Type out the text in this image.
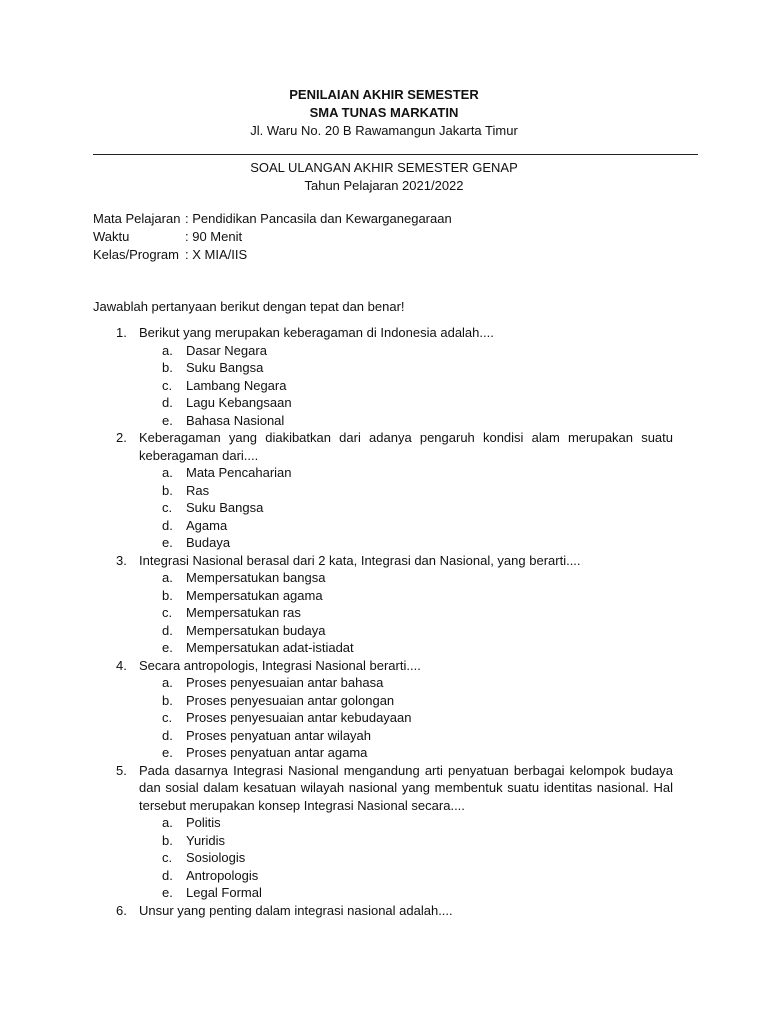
PENILAIAN AKHIR SEMESTER
SMA TUNAS MARKATIN
Jl. Waru No. 20 B Rawamangun Jakarta Timur
SOAL ULANGAN AKHIR SEMESTER GENAP
Tahun Pelajaran 2021/2022
Mata Pelajaran : Pendidikan Pancasila dan Kewarganegaraan
Waktu	: 90 Menit
Kelas/Program : X MIA/IIS
Jawablah pertanyaan berikut dengan tepat dan benar!
1. Berikut yang merupakan keberagaman di Indonesia adalah....
a. Dasar Negara
b. Suku Bangsa
c. Lambang Negara
d. Lagu Kebangsaan
e. Bahasa Nasional
2. Keberagaman yang diakibatkan dari adanya pengaruh kondisi alam merupakan suatu keberagaman dari....
a. Mata Pencaharian
b. Ras
c. Suku Bangsa
d. Agama
e. Budaya
3. Integrasi Nasional berasal dari 2 kata, Integrasi dan Nasional, yang berarti....
a. Mempersatukan bangsa
b. Mempersatukan agama
c. Mempersatukan ras
d. Mempersatukan budaya
e. Mempersatukan adat-istiadat
4. Secara antropologis, Integrasi Nasional berarti....
a. Proses penyesuaian antar bahasa
b. Proses penyesuaian antar golongan
c. Proses penyesuaian antar kebudayaan
d. Proses penyatuan antar wilayah
e. Proses penyatuan antar agama
5. Pada dasarnya Integrasi Nasional mengandung arti penyatuan berbagai kelompok budaya dan sosial dalam kesatuan wilayah nasional yang membentuk suatu identitas nasional. Hal tersebut merupakan konsep Integrasi Nasional secara....
a. Politis
b. Yuridis
c. Sosiologis
d. Antropologis
e. Legal Formal
6. Unsur yang penting dalam integrasi nasional adalah....
